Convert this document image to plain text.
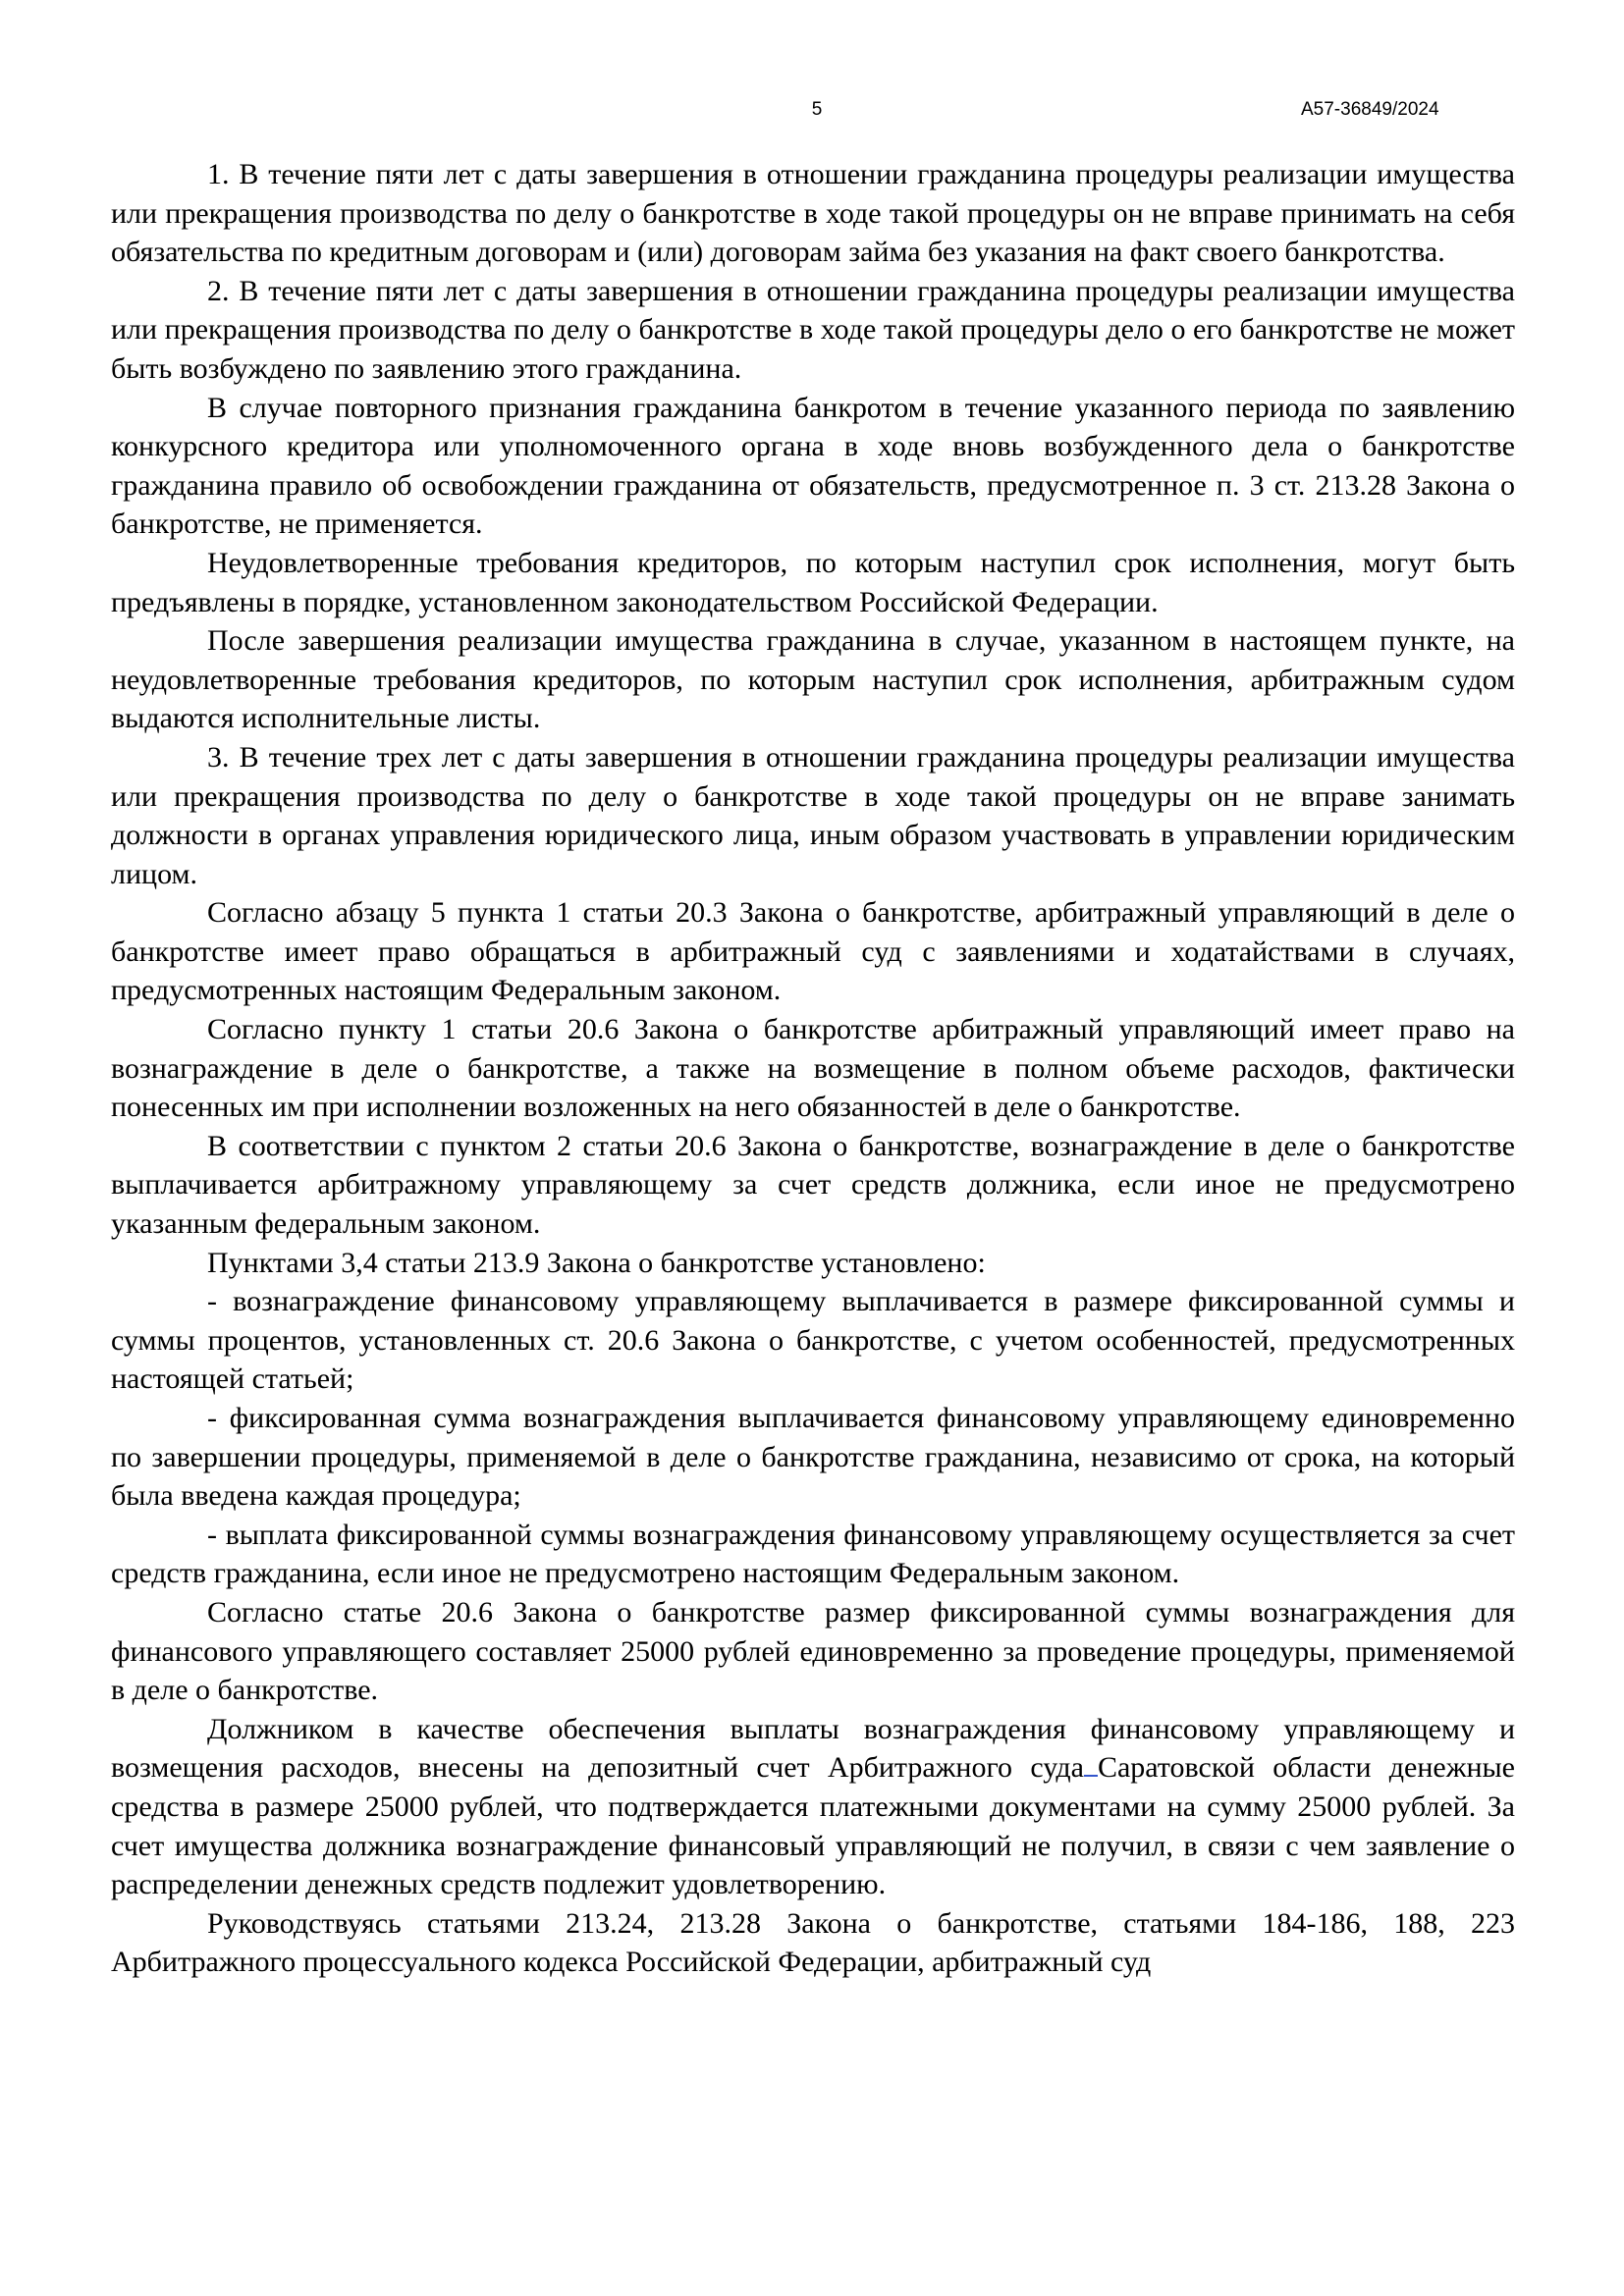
5	А57-36849/2024

1. В течение пяти лет с даты завершения в отношении гражданина процедуры реализации имущества или прекращения производства по делу о банкротстве в ходе такой процедуры он не вправе принимать на себя обязательства по кредитным договорам и (или) договорам займа без указания на факт своего банкротства.

2. В течение пяти лет с даты завершения в отношении гражданина процедуры реализации имущества или прекращения производства по делу о банкротстве в ходе такой процедуры дело о его банкротстве не может быть возбуждено по заявлению этого гражданина.

В случае повторного признания гражданина банкротом в течение указанного периода по заявлению конкурсного кредитора или уполномоченного органа в ходе вновь возбужденного дела о банкротстве гражданина правило об освобождении гражданина от обязательств, предусмотренное п. 3 ст. 213.28 Закона о банкротстве, не применяется.

Неудовлетворенные требования кредиторов, по которым наступил срок исполнения, могут быть предъявлены в порядке, установленном законодательством Российской Федерации.

После завершения реализации имущества гражданина в случае, указанном в настоящем пункте, на неудовлетворенные требования кредиторов, по которым наступил срок исполнения, арбитражным судом выдаются исполнительные листы.

3. В течение трех лет с даты завершения в отношении гражданина процедуры реализации имущества или прекращения производства по делу о банкротстве в ходе такой процедуры он не вправе занимать должности в органах управления юридического лица, иным образом участвовать в управлении юридическим лицом.

Согласно абзацу 5 пункта 1 статьи 20.3 Закона о банкротстве, арбитражный управляющий в деле о банкротстве имеет право обращаться в арбитражный суд с заявлениями и ходатайствами в случаях, предусмотренных настоящим Федеральным законом.

Согласно пункту 1 статьи 20.6 Закона о банкротстве арбитражный управляющий имеет право на вознаграждение в деле о банкротстве, а также на возмещение в полном объеме расходов, фактически понесенных им при исполнении возложенных на него обязанностей в деле о банкротстве.

В соответствии с пунктом 2 статьи 20.6 Закона о банкротстве, вознаграждение в деле о банкротстве выплачивается арбитражному управляющему за счет средств должника, если иное не предусмотрено указанным федеральным законом.

Пунктами 3,4 статьи 213.9 Закона о банкротстве установлено:

- вознаграждение финансовому управляющему выплачивается в размере фиксированной суммы и суммы процентов, установленных ст. 20.6 Закона о банкротстве, с учетом особенностей, предусмотренных настоящей статьей;

- фиксированная сумма вознаграждения выплачивается финансовому управляющему единовременно по завершении процедуры, применяемой в деле о банкротстве гражданина, независимо от срока, на который была введена каждая процедура;

- выплата фиксированной суммы вознаграждения финансовому управляющему осуществляется за счет средств гражданина, если иное не предусмотрено настоящим Федеральным законом.

Согласно статье 20.6 Закона о банкротстве размер фиксированной суммы вознаграждения для финансового управляющего составляет 25000 рублей единовременно за проведение процедуры, применяемой в деле о банкротстве.

Должником в качестве обеспечения выплаты вознаграждения финансовому управляющему и возмещения расходов, внесены на депозитный счет Арбитражного суда Саратовской области денежные средства в размере 25000 рублей, что подтверждается платежными документами на сумму 25000 рублей. За счет имущества должника вознаграждение финансовый управляющий не получил, в связи с чем заявление о распределении денежных средств подлежит удовлетворению.

Руководствуясь статьями 213.24, 213.28 Закона о банкротстве, статьями 184-186, 188, 223 Арбитражного процессуального кодекса Российской Федерации, арбитражный суд
